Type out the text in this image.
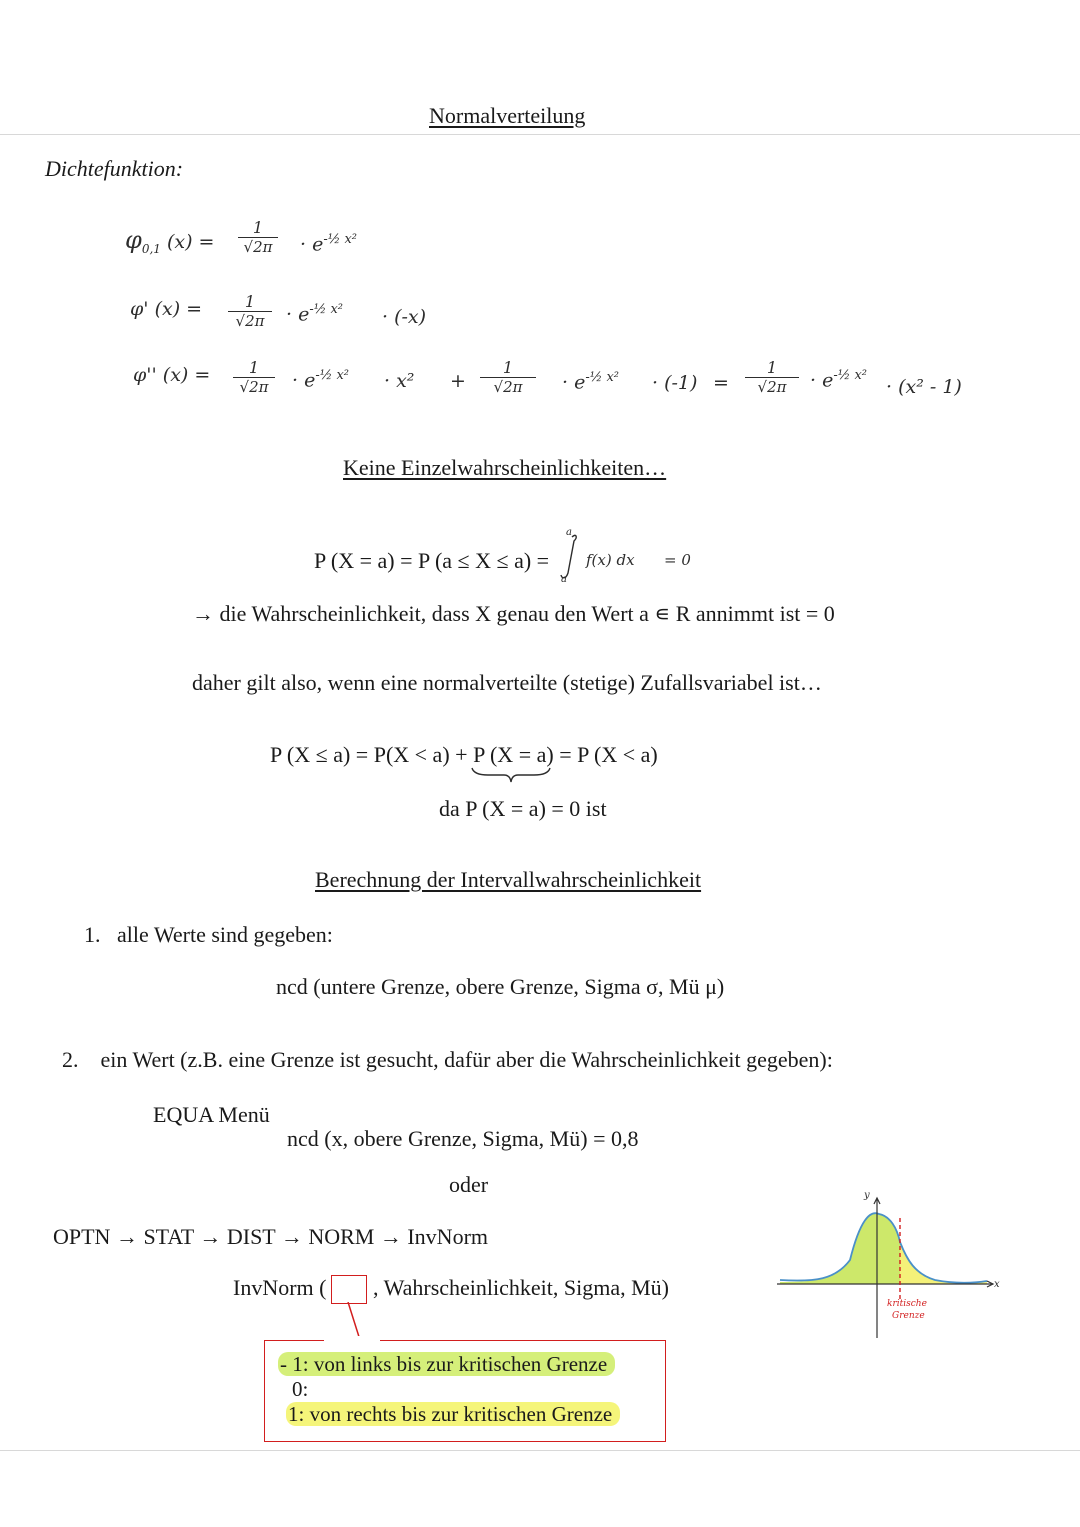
Normalverteilung
Dichtefunktion:
$\varphi_{0,1}$ $(x) = \frac{1}{√2\pi} \cdot e^{-\frac{1}{2} x^2}$
φ' $(x) = \frac{1}{√2\pi} \cdot e^{-\frac{1}{2} x^2} \cdot (-x)$
φ'' $(x) = \frac{1}{√2\pi} \cdot e^{-\frac{1}{2} x^2} \cdot x^2 + \frac{1}{√2\pi} \cdot e^{-\frac{1}{2} x^2} \cdot (-1) = \frac{1}{√2\pi} \cdot e^{-\frac{1}{2} x^2}$
· (x² - 1)
Keine Einzelwahrscheinlichkeiten…
P (X = a) = P (a ≤ X ≤ a) =
a
a
f(x) dx = 0
→ die Wahrscheinlichkeit, dass X genau den Wert a ∊ R annimmt ist = 0
daher gilt also, wenn eine normalverteilte (stetige) Zufallsvariabel ist…
P (X ≤ a) = P(X < a) + P (X = a) = P (X < a)
da P (X = a) = 0 ist
Berechnung der Intervallwahrscheinlichkeit
1.   alle Werte sind gegeben:
ncd (untere Grenze, obere Grenze, Sigma σ, Mü μ)
2.    ein Wert (z.B. eine Grenze ist gesucht, dafür aber die Wahrscheinlichkeit gegeben):
EQUA Menü
ncd (x, obere Grenze, Sigma, Mü) = 0,8
oder
OPTN → STAT → DIST → NORM → InvNorm
InvNorm ( , Wahrscheinlichkeit, Sigma, Mü)
- 1: von links bis zur kritischen Grenze
0:
1: von rechts bis zur kritischen Grenze
y
x
kritische
Grenze
